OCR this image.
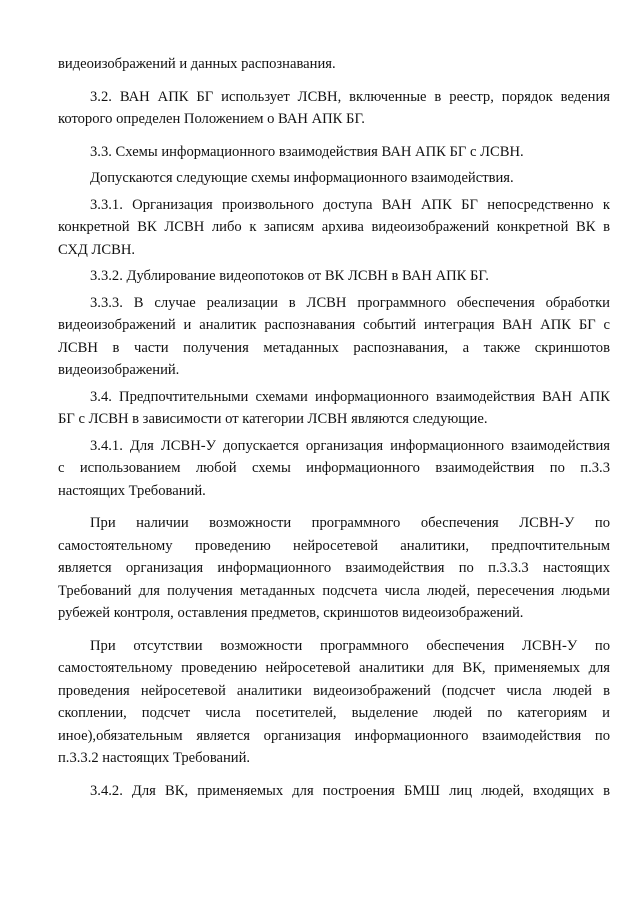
видеоизображений и данных распознавания.

3.2. ВАН АПК БГ использует ЛСВН, включенные в реестр, порядок ведения
которого определен Положением о ВАН АПК БГ.

3.3. Схемы информационного взаимодействия ВАН АПК БГ с ЛСВН.

Допускаются следующие схемы информационного взаимодействия.

3.3.1. Организация произвольного доступа ВАН АПК БГ непосредственно к
конкретной ВК ЛСВН либо к записям архива видеоизображений конкретной ВК в
СХД ЛСВН.

3.3.2. Дублирование видеопотоков от ВК ЛСВН в ВАН АПК БГ.

3.3.3. В случае реализации в ЛСВН программного обеспечения обработки
видеоизображений и аналитик распознавания событий интеграция ВАН АПК БГ с
ЛСВН в части получения метаданных распознавания, а также скриншотов
видеоизображений.

3.4. Предпочтительными схемами информационного взаимодействия ВАН АПК
БГ с ЛСВН в зависимости от категории ЛСВН являются следующие.

3.4.1. Для ЛСВН-У допускается организация информационного взаимодействия
с использованием любой схемы информационного взаимодействия по п.3.3
настоящих Требований.

При наличии возможности программного обеспечения ЛСВН-У по
самостоятельному проведению нейросетевой аналитики, предпочтительным
является организация информационного взаимодействия по п.3.3.3 настоящих
Требований для получения метаданных подсчета числа людей, пересечения людьми
рубежей контроля, оставления предметов, скриншотов видеоизображений.

При отсутствии возможности программного обеспечения ЛСВН-У по
самостоятельному проведению нейросетевой аналитики для ВК, применяемых для
проведения нейросетевой аналитики видеоизображений (подсчет числа людей в
скоплении, подсчет числа посетителей, выделение людей по категориям и
иное),обязательным является организация информационного взаимодействия по
п.3.3.2 настоящих Требований.

3.4.2. Для ВК, применяемых для построения БМШ лиц людей, входящих в
